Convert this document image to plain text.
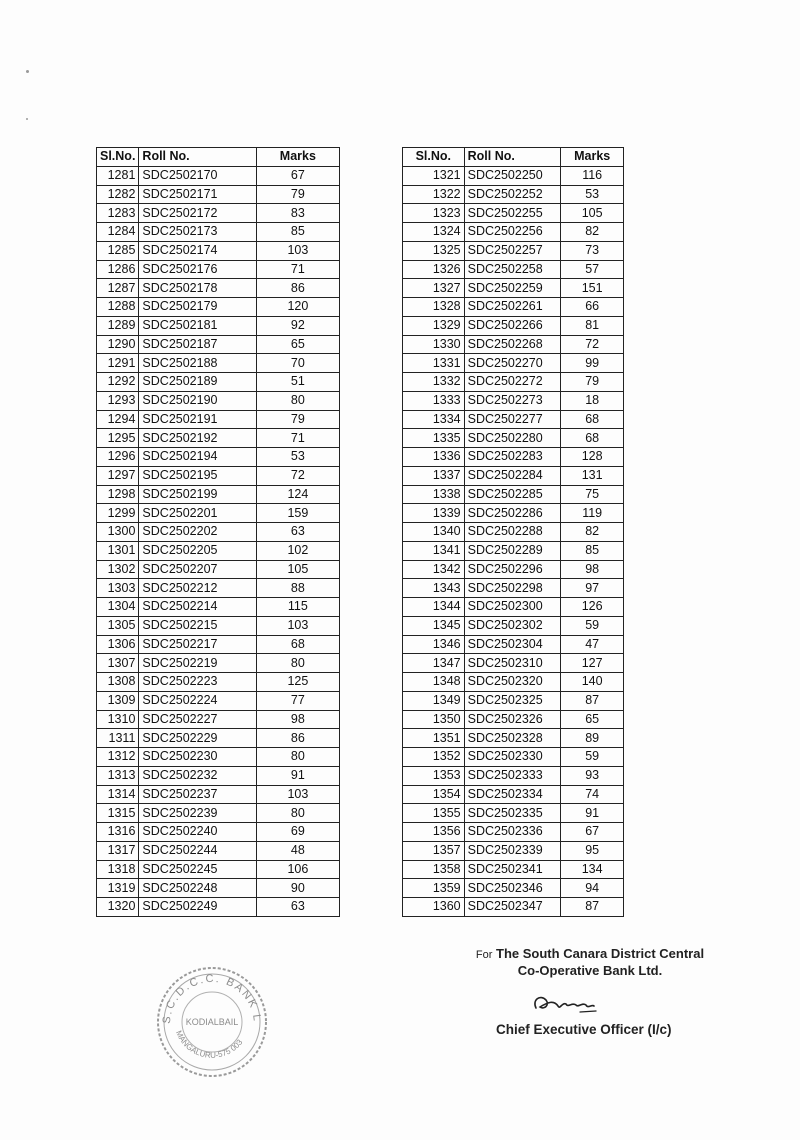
Sl.No.	Roll No.	Marks
1281	SDC2502170	67
1282	SDC2502171	79
1283	SDC2502172	83
1284	SDC2502173	85
1285	SDC2502174	103
1286	SDC2502176	71
1287	SDC2502178	86
1288	SDC2502179	120
1289	SDC2502181	92
1290	SDC2502187	65
1291	SDC2502188	70
1292	SDC2502189	51
1293	SDC2502190	80
1294	SDC2502191	79
1295	SDC2502192	71
1296	SDC2502194	53
1297	SDC2502195	72
1298	SDC2502199	124
1299	SDC2502201	159
1300	SDC2502202	63
1301	SDC2502205	102
1302	SDC2502207	105
1303	SDC2502212	88
1304	SDC2502214	115
1305	SDC2502215	103
1306	SDC2502217	68
1307	SDC2502219	80
1308	SDC2502223	125
1309	SDC2502224	77
1310	SDC2502227	98
1311	SDC2502229	86
1312	SDC2502230	80
1313	SDC2502232	91
1314	SDC2502237	103
1315	SDC2502239	80
1316	SDC2502240	69
1317	SDC2502244	48
1318	SDC2502245	106
1319	SDC2502248	90
1320	SDC2502249	63
Sl.No.	Roll No.	Marks
1321	SDC2502250	116
1322	SDC2502252	53
1323	SDC2502255	105
1324	SDC2502256	82
1325	SDC2502257	73
1326	SDC2502258	57
1327	SDC2502259	151
1328	SDC2502261	66
1329	SDC2502266	81
1330	SDC2502268	72
1331	SDC2502270	99
1332	SDC2502272	79
1333	SDC2502273	18
1334	SDC2502277	68
1335	SDC2502280	68
1336	SDC2502283	128
1337	SDC2502284	131
1338	SDC2502285	75
1339	SDC2502286	119
1340	SDC2502288	82
1341	SDC2502289	85
1342	SDC2502296	98
1343	SDC2502298	97
1344	SDC2502300	126
1345	SDC2502302	59
1346	SDC2502304	47
1347	SDC2502310	127
1348	SDC2502320	140
1349	SDC2502325	87
1350	SDC2502326	65
1351	SDC2502328	89
1352	SDC2502330	59
1353	SDC2502333	93
1354	SDC2502334	74
1355	SDC2502335	91
1356	SDC2502336	67
1357	SDC2502339	95
1358	SDC2502341	134
1359	SDC2502346	94
1360	SDC2502347	87
For The South Canara District Central
Co-Operative Bank Ltd.
Chief Executive Officer (I/c)
S.C.D.C.C. BANK L
KODIALBAIL
MANGALURU-575 003
